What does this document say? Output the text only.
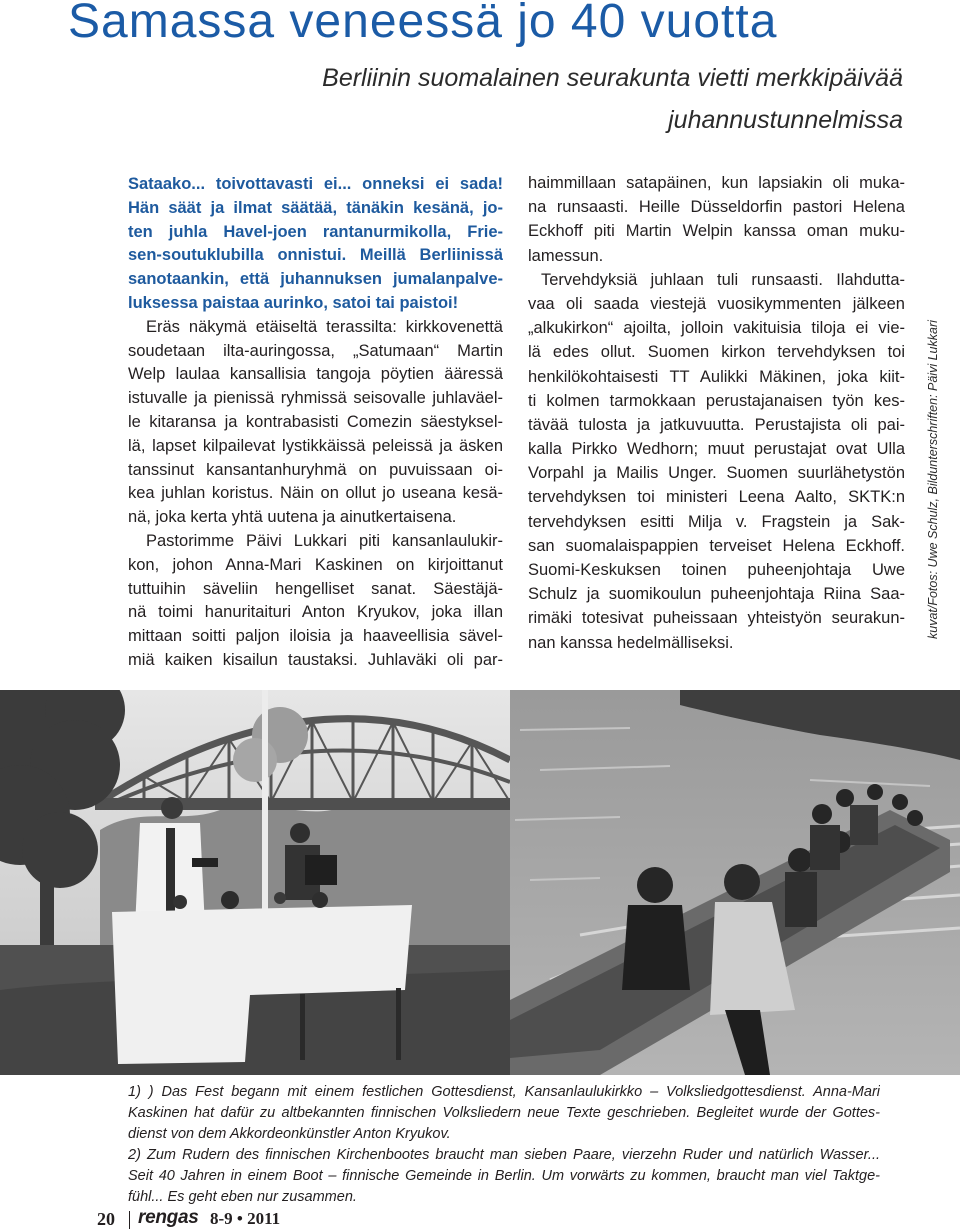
Samassa veneessä jo 40 vuotta
Berliinin suomalainen seurakunta vietti merkkipäivää
juhannustunnelmissa
Sataako... toivottavasti ei... onneksi ei sada!
Hän säät ja ilmat säätää, tänäkin kesänä, jo-
ten juhla Havel-joen rantanurmikolla, Frie-
sen-soutuklubilla onnistui. Meillä Berliinissä
sanotaankin, että juhannuksen jumalanpalve-
luksessa paistaa aurinko, satoi tai paistoi!
Eräs näkymä etäiseltä terassilta: kirkkovenettä
soudetaan ilta-auringossa, „Satumaan“ Martin
Welp laulaa kansallisia tangoja pöytien ääressä
istuvalle ja pienissä ryhmissä seisovalle juhlaväel-
le kitaransa ja kontrabasisti Comezin säestyksel-
lä, lapset kilpailevat lystikkäissä peleissä ja äsken
tanssinut kansantanhuryhmä on puvuissaan oi-
kea juhlan koristus. Näin on ollut jo useana kesä-
nä, joka kerta yhtä uutena ja ainutkertaisena.
Pastorimme Päivi Lukkari piti kansanlaulukir-
kon, johon Anna-Mari Kaskinen on kirjoittanut
tuttuihin säveliin hengelliset sanat. Säestäjä-
nä toimi hanuritaituri Anton Kryukov, joka illan
mittaan soitti paljon iloisia ja haaveellisia sävel-
miä kaiken kisailun taustaksi. Juhlaväki oli par-
haimmillaan satapäinen, kun lapsiakin oli muka-
na runsaasti. Heille Düsseldorfin pastori Helena
Eckhoff piti Martin Welpin kanssa oman muku-
lamessun.
Tervehdyksiä juhlaan tuli runsaasti. Ilahdutta-
vaa oli saada viestejä vuosikymmenten jälkeen
„alkukirkon“ ajoilta, jolloin vakituisia tiloja ei vie-
lä edes ollut. Suomen kirkon tervehdyksen toi
henkilökohtaisesti TT Aulikki Mäkinen, joka kiit-
ti kolmen tarmokkaan perustajanaisen työn kes-
tävää tulosta ja jatkuvuutta. Perustajista oli pai-
kalla Pirkko Wedhorn; muut perustajat ovat Ulla
Vorpahl ja Mailis Unger. Suomen suurlähetystön
tervehdyksen toi ministeri Leena Aalto, SKTK:n
tervehdyksen esitti Milja v. Fragstein ja Sak-
san suomalaispappien terveiset Helena Eckhoff.
Suomi-Keskuksen toinen puheenjohtaja Uwe
Schulz ja suomikoulun puheenjohtaja Riina Saa-
rimäki totesivat puheissaan yhteistyön seurakun-
nan kanssa hedelmälliseksi.
kuvat/Fotos: Uwe Schulz, Bildunterschriften: Päivi Lukkari
1) ) Das Fest begann mit einem festlichen Gottesdienst, Kansanlaulukirkko – Volksliedgottesdienst. Anna-Mari
Kaskinen hat dafür zu altbekannten finnischen Volksliedern neue Texte geschrieben. Begleitet wurde der Gottes-
dienst von dem Akkordeonkünstler Anton Kryukov.
2) Zum Rudern des finnischen Kirchenbootes braucht man sieben Paare, vierzehn Ruder und natürlich Wasser...
Seit 40 Jahren in einem Boot – finnische Gemeinde in Berlin. Um vorwärts zu kommen, braucht man viel Taktge-
fühl... Es geht eben nur zusammen.
20 rengas 8-9 • 2011
